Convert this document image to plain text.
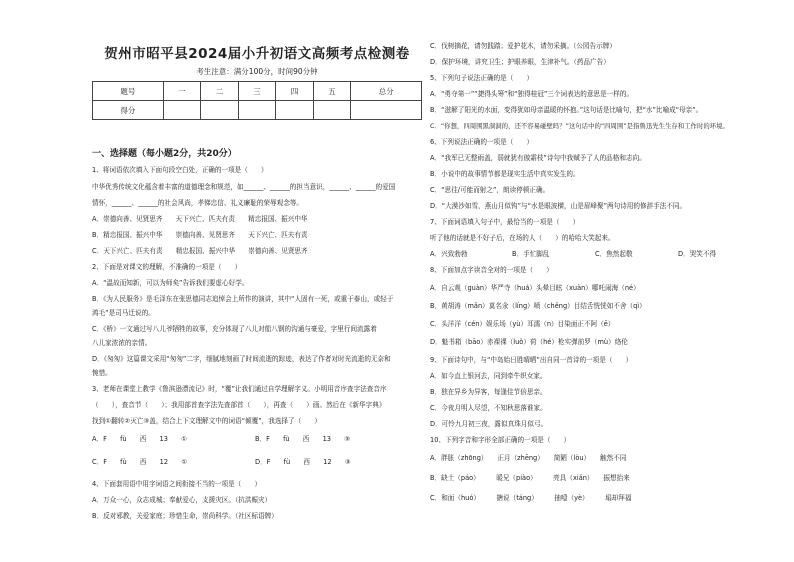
贺州市昭平县2024届小升初语文高频考点检测卷
考生注意：满分100分，时间90分钟
题号	一	二	三	四	五	总分
得分						
一、选择题（每小题2分，共20分）
1、将词语依次填入下面句段空白处，正确的一项是（　　）
中华优秀传统文化蕴含着丰富的道德理念和规范，如______、______的担当意识，______、______的爱国
情怀，______、______的社会风尚，孝悌忠信、礼义廉耻的荣辱观念等。
A．崇德向善、见贤思齐　　天下兴亡、匹夫有责　　精忠报国、振兴中华
B．精忠报国、振兴中华　　崇德向善、见贤思齐　　天下兴亡、匹夫有责
C．天下兴亡、匹夫有责　　精忠报国、振兴中华　　崇德向善、见贤思齐
2、下面是对课文的理解，不准确的一项是（　　）
A．“温故而知新，可以为师矣”告诉我们要虚心好学。
B．《为人民服务》是毛泽东在张思德同志追悼会上所作的演讲，其中“人固有一死，或重于泰山，或轻于
鸿毛”是司马迁说的。
C．《桥》一文通过写八儿爷牺牲的故事，充分体现了八儿对船八钢的沟通与豪爱，字里行间流露着
八儿家浓浓的亲情。
D．《匆匆》这篇课文采用“匆匆”二字，细腻地刻画了时间流逝的踪迹，表达了作者对时光流逝的无奈和
惋惜。
3、老师在课堂上教学《鲁滨逊漂流记》时，“覆”让我们通过自学理解字义。小明用音序查字法查音序
（　　），查音节（　　）；我用部首查字法先查部首（　　），再查（　　）画。然后在《新华字典》
找到①翻转②灭亡③盖，结合上下文理解文中的词语“倾覆”，我选择了（　　）
A．F　　fù　　西　　13　　①	B．F　　fù　　西　　13　　③
C．F　　fù　　西　　12　　①	D．F　　fù　　西　　12　　③
4、下面套用语中用字词语之间衔接不当的一项是（　　）
A．万众一心，众志成城；奉献爱心，支援灾区。（抗洪赈灾）
B．反对邪教，关爱家庭；珍惜生命，崇尚科学。（社区标语牌）
C．伐树摘花，请勿践踏；爱护花木，请勿采摘。（公园告示牌）
D．保护环境，讲究卫生；护眼养眼，生津补气。（药品广告）
5、下列句子说法正确的是（　　）
A．“勇夺第一”“捷得头筹”和“独得桂冠”三个词表达的意思是一样的。
B．“滋解了阳光的水面，变得犹如母亲温暖的怀抱。”这句话是比喻句，把“水”比喻成“母亲”。
C．“你想，四周围黑洞洞的，还不容易碰壁吗？”这句话中的“四周围”是指鲁迅先生生存和工作时的环境。
6、下列说法正确的一项是（　　）
A．“我军已无整雨盖，弱就犹有傲霜枝”诗句中我赋予了人的品格和志向。
B．小说中的故事情节都是现实生活中真实发生的。
C．“思往/可能而射之”，朗读停顿正确。
D．“大漠沙如雪，燕山月似钩”与“水是眼波横，山是眉峰聚”两句诗用的修辞手法不同。
7、下面词语填入句子中，最恰当的一项是（　　）
听了他的话就是不好子后，在场的人（　　）的哈哈大笑起来。
A．兴致勃勃	B．手忙脚乱	C．焦然起敬	D．哭笑不得
8、下面加点字读音全对的一项是（　　）
A．自云观（guàn）华严寺（huá）头晕目眩（xuàn）哪吒闹海（né）
B．黄胡涛（mǎn）莫名氽（líng）喷（chěng）目结舌恍恍如不舍（qì）
C．头洋洋（cén）娱乐场（yù）耳濡（n）目染面正不阿（ē）
D．魁书箱（bāo）赤裸裸（luǒ）荷（hé）枪实弹前罗（mù）络伦
9、下面诗句中，与“中岛始日胜晴晒”出自同一首诗的一项是（　　）
A．如今直上银河去，同到牵牛织女家。
B．独在异乡为异客，每逢佳节倍思亲。
C．今夜月明人尽望，不知秋思落谁家。
D．可怜九月初三夜，露似真珠月似弓。
10、下列字音和字形全部正确的一项是（　　）
A．胖胀（zhōng）　　正月（zhēng）　　简陋（lòu）　　触然不同
B．缺土（páo）　　　暖兄（piào）　　　亮具（xiǎn）　　振想抬来
C．和面（huó）　　　搪说（táng）　　　抽噎（yè）　　　塌却拜福
